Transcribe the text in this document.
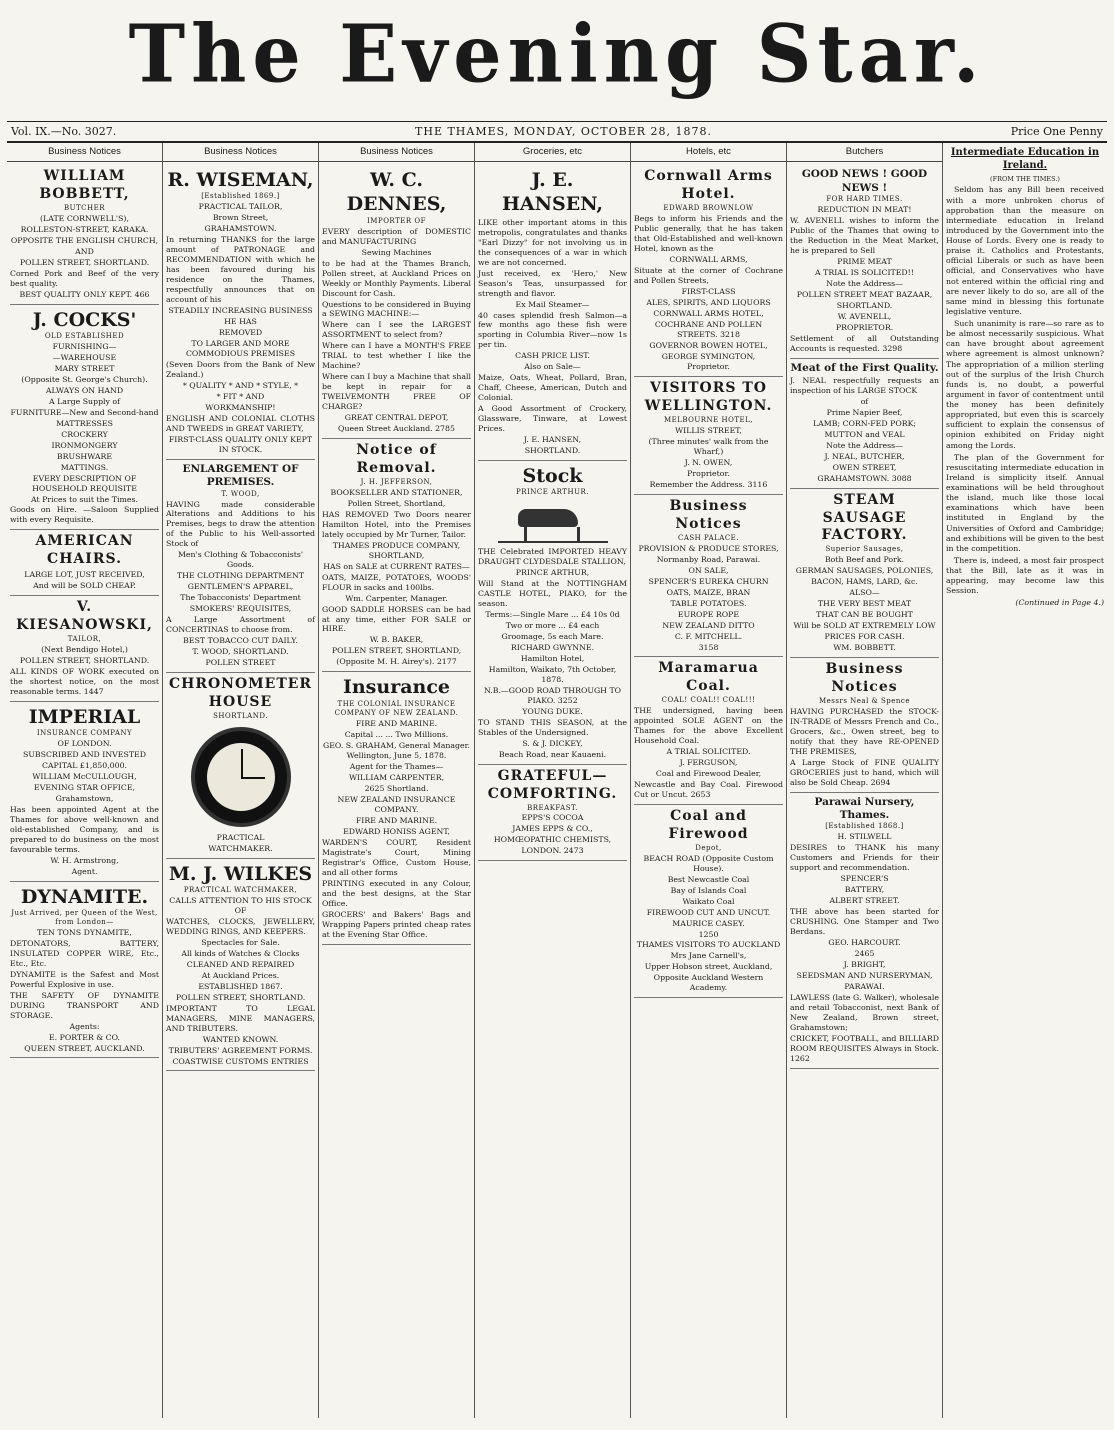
The Evening Star.
Vol. IX.—No. 3027.	THE THAMES, MONDAY, OCTOBER 28, 1878.	Price One Penny
Business Notices
WILLIAM BOBBETT,
BUTCHER

(LATE CORNWELL'S),

ROLLESTON-STREET, KARAKA.

OPPOSITE THE ENGLISH CHURCH,

AND

POLLEN STREET, SHORTLAND.

Corned Pork and Beef of the very best quality.

BEST QUALITY ONLY KEPT. 466

J. COCKS'
OLD ESTABLISHED

FURNISHING—

—WAREHOUSE

MARY STREET

(Opposite St. George's Church).

ALWAYS ON HAND

A Large Supply of

FURNITURE—New and Second-hand

MATTRESSES

CROCKERY

IRONMONGERY

BRUSHWARE

MATTINGS.

EVERY DESCRIPTION OF HOUSEHOLD REQUISITE

At Prices to suit the Times.

Goods on Hire. —Saloon Supplied with every Requisite.

AMERICAN CHAIRS.

LARGE LOT, JUST RECEIVED,

And will be SOLD CHEAP.

V. KIESANOWSKI,
TAILOR,

(Next Bendigo Hotel,)

POLLEN STREET, SHORTLAND.

ALL KINDS OF WORK executed on the shortest notice, on the most reasonable terms. 1447

IMPERIAL
INSURANCE COMPANY

OF LONDON.

SUBSCRIBED AND INVESTED

CAPITAL £1,850,000.

WILLIAM McCULLOUGH,

EVENING STAR OFFICE,

Grahamstown,

Has been appointed Agent at the Thames for above well-known and old-established Company, and is prepared to do business on the most favourable terms.

W. H. Armstrong,

Agent.

DYNAMITE.
Just Arrived, per Queen of the West, from London—

TEN TONS DYNAMITE,

DETONATORS, BATTERY, INSULATED COPPER WIRE, Etc., Etc., Etc.

DYNAMITE is the Safest and Most Powerful Explosive in use.

THE SAFETY OF DYNAMITE DURING TRANSPORT AND STORAGE.

Agents:

E. PORTER & CO.

QUEEN STREET, AUCKLAND.

Business Notices
R. WISEMAN,
[Established 1869.]

PRACTICAL TAILOR,

Brown Street,

GRAHAMSTOWN.

In returning THANKS for the large amount of PATRONAGE and RECOMMENDATION with which he has been favoured during his residence on the Thames, respectfully announces that on account of his

STEADILY INCREASING BUSINESS

HE HAS

REMOVED

TO LARGER AND MORE COMMODIOUS PREMISES

(Seven Doors from the Bank of New Zealand.)

* QUALITY * AND * STYLE, *

* FIT * AND

WORKMANSHIP!

ENGLISH AND COLONIAL CLOTHS AND TWEEDS in GREAT VARIETY,

FIRST-CLASS QUALITY ONLY KEPT IN STOCK.

ENLARGEMENT OF PREMISES.
T. WOOD,

HAVING made considerable Alterations and Additions to his Premises, begs to draw the attention of the Public to his Well-assorted Stock of

Men's Clothing & Tobacconists' Goods.

THE CLOTHING DEPARTMENT

GENTLEMEN'S APPAREL,

The Tobacconists' Department

SMOKERS' REQUISITES,

A Large Assortment of CONCERTINAS to choose from.

BEST TOBACCO CUT DAILY.

T. WOOD, SHORTLAND.

POLLEN STREET

CHRONOMETER HOUSE
SHORTLAND.

PRACTICAL

WATCHMAKER.

M. J. WILKES
PRACTICAL WATCHMAKER,

CALLS ATTENTION TO HIS STOCK OF

WATCHES, CLOCKS, JEWELLERY, WEDDING RINGS, AND KEEPERS.

Spectacles for Sale.

All kinds of Watches & Clocks

CLEANED AND REPAIRED

At Auckland Prices.

ESTABLISHED 1867.

POLLEN STREET, SHORTLAND.

IMPORTANT TO LEGAL MANAGERS, MINE MANAGERS, AND TRIBUTERS.

WANTED KNOWN.

TRIBUTERS' AGREEMENT FORMS.

COASTWISE CUSTOMS ENTRIES

Business Notices
W. C. DENNES,
IMPORTER OF

EVERY description of DOMESTIC and MANUFACTURING

Sewing Machines

to be had at the Thames Branch, Pollen street, at Auckland Prices on Weekly or Monthly Payments. Liberal Discount for Cash.

Questions to be considered in Buying a SEWING MACHINE:—

Where can I see the LARGEST ASSORTMENT to select from?

Where can I have a MONTH'S FREE TRIAL to test whether I like the Machine?

Where can I buy a Machine that shall be kept in repair for a TWELVEMONTH FREE OF CHARGE?

GREAT CENTRAL DEPOT,

Queen Street Auckland. 2785

Notice of Removal.
J. H. JEFFERSON,

BOOKSELLER AND STATIONER,

Pollen Street, Shortland,

HAS REMOVED Two Doors nearer Hamilton Hotel, into the Premises lately occupied by Mr Turner, Tailor.

THAMES PRODUCE COMPANY, SHORTLAND,

HAS on SALE at CURRENT RATES—

OATS, MAIZE, POTATOES, WOODS' FLOUR in sacks and 100lbs.

Wm. Carpenter, Manager.

GOOD SADDLE HORSES can be had at any time, either FOR SALE or HIRE.

W. B. BAKER,

POLLEN STREET, SHORTLAND,

(Opposite M. H. Airey's). 2177

Insurance
THE COLONIAL INSURANCE COMPANY OF NEW ZEALAND.

FIRE AND MARINE.

Capital ... ... Two Millions.

GEO. S. GRAHAM, General Manager.

Wellington, June 5, 1878.

Agent for the Thames—

WILLIAM CARPENTER,

2625 Shortland.

NEW ZEALAND INSURANCE COMPANY.

FIRE AND MARINE.

EDWARD HONISS AGENT,

WARDEN'S COURT, Resident Magistrate's Court, Mining Registrar's Office, Custom House, and all other forms

PRINTING executed in any Colour, and the best designs, at the Star Office.

GROCERS' and Bakers' Bags and Wrapping Papers printed cheap rates at the Evening Star Office.

Groceries, etc
J. E. HANSEN,

LIKE other important atoms in this metropolis, congratulates and thanks "Earl Dizzy" for not involving us in the consequences of a war in which we are not concerned.

Just received, ex 'Hero,' New Season's Teas, unsurpassed for strength and flavor.

Ex Mail Steamer—

40 cases splendid fresh Salmon—a few months ago these fish were sporting in Columbia River—now 1s per tin.

CASH PRICE LIST.

Also on Sale—

Maize, Oats, Wheat, Pollard, Bran, Chaff, Cheese, American, Dutch and Colonial.

A Good Assortment of Crockery, Glassware, Tinware, at Lowest Prices.

J. E. HANSEN,

SHORTLAND.

Stock
PRINCE ARTHUR.

THE Celebrated IMPORTED HEAVY DRAUGHT CLYDESDALE STALLION,

PRINCE ARTHUR,

Will Stand at the NOTTINGHAM CASTLE HOTEL, PIAKO, for the season.

Terms:—Single Mare ... £4 10s 0d

Two or more ... £4 each

Groomage, 5s each Mare.

RICHARD GWYNNE.

Hamilton Hotel,

Hamilton, Waikato, 7th October, 1878.

N.B.—GOOD ROAD THROUGH TO PIAKO. 3252

YOUNG DUKE.

TO STAND THIS SEASON, at the Stables of the Undersigned.

S. & J. DICKEY,

Beach Road, near Kauaeni.

GRATEFUL—COMFORTING.
BREAKFAST.

EPPS'S COCOA

JAMES EPPS & CO.,

HOMŒOPATHIC CHEMISTS,

LONDON. 2473

Hotels, etc
Cornwall Arms Hotel.
EDWARD BROWNLOW

Begs to inform his Friends and the Public generally, that he has taken that Old-Established and well-known Hotel, known as the

CORNWALL ARMS,

Situate at the corner of Cochrane and Pollen Streets,

FIRST-CLASS

ALES, SPIRITS, AND LIQUORS

CORNWALL ARMS HOTEL,

COCHRANE AND POLLEN STREETS. 3218

GOVERNOR BOWEN HOTEL,

GEORGE SYMINGTON,

Proprietor.

VISITORS TO WELLINGTON.
MELBOURNE HOTEL,

WILLIS STREET,

(Three minutes' walk from the Wharf,)

J. N. OWEN,

Proprietor.

Remember the Address. 3116

Business Notices
CASH PALACE.

PROVISION & PRODUCE STORES,

Normanby Road, Parawai.

ON SALE,

SPENCER'S EUREKA CHURN

OATS, MAIZE, BRAN

TABLE POTATOES.

EUROPE ROPE

NEW ZEALAND DITTO

C. F. MITCHELL.

3158

Maramarua Coal.
COAL! COAL!! COAL!!!

THE undersigned, having been appointed SOLE AGENT on the Thames for the above Excellent Household Coal.

A TRIAL SOLICITED.

J. FERGUSON,

Coal and Firewood Dealer,

Newcastle and Bay Coal. Firewood Cut or Uncut. 2653

Coal and Firewood
Depot,

BEACH ROAD (Opposite Custom House).

Best Newcastle Coal

Bay of Islands Coal

Waikato Coal

FIREWOOD CUT AND UNCUT.

MAURICE CASEY.

1250

THAMES VISITORS TO AUCKLAND

Mrs Jane Carnell's,

Upper Hobson street, Auckland,

Opposite Auckland Western Academy.

Butchers
GOOD NEWS ! GOOD NEWS !
FOR HARD TIMES.

REDUCTION IN MEAT!

W. AVENELL wishes to inform the Public of the Thames that owing to the Reduction in the Meat Market, he is prepared to Sell

PRIME MEAT

A TRIAL IS SOLICITED!!

Note the Address—

POLLEN STREET MEAT BAZAAR,

SHORTLAND.

W. AVENELL,

PROPRIETOR.

Settlement of all Outstanding Accounts is requested. 3298

Meat of the First Quality.

J. NEAL respectfully requests an inspection of his LARGE STOCK

of

Prime Napier Beef,

LAMB; CORN-FED PORK;

MUTTON and VEAL

Note the Address—

J. NEAL, BUTCHER,

OWEN STREET,

GRAHAMSTOWN. 3088

STEAM SAUSAGE FACTORY.
Superior Sausages,

Both Beef and Pork.

GERMAN SAUSAGES, POLONIES,

BACON, HAMS, LARD, &c.

ALSO—

THE VERY BEST MEAT

THAT CAN BE BOUGHT

Will be SOLD AT EXTREMELY LOW

PRICES FOR CASH.

WM. BOBBETT.

Business Notices
Messrs Neal & Spence

HAVING PURCHASED the STOCK-IN-TRADE of Messrs French and Co., Grocers, &c., Owen street, beg to notify that they have RE-OPENED THE PREMISES,

A Large Stock of FINE QUALITY GROCERIES just to hand, which will also be Sold Cheap. 2694

Parawai Nursery, Thames.
[Established 1868.]

H. STILWELL

DESIRES to THANK his many Customers and Friends for their support and recommendation.

SPENCER'S

BATTERY,

ALBERT STREET.

THE above has been started for CRUSHING. One Stamper and Two Berdans.

GEO. HARCOURT.

2465

J. BRIGHT,

SEEDSMAN AND NURSERYMAN,

PARAWAI.

LAWLESS (late G. Walker), wholesale and retail Tobacconist, next Bank of New Zealand, Brown street, Grahamstown;

CRICKET, FOOTBALL, and BILLIARD ROOM REQUISITES Always in Stock. 1262

Intermediate Education in Ireland.
(FROM THE TIMES.)

Seldom has any Bill been received with a more unbroken chorus of approbation than the measure on intermediate education in Ireland introduced by the Government into the House of Lords. Every one is ready to praise it. Catholics and Protestants, official Liberals or such as have been official, and Conservatives who have not entered within the official ring and are never likely to do so, are all of the same mind in blessing this fortunate legislative venture.

Such unanimity is rare—so rare as to be almost necessarily suspicious. What can have brought about agreement where agreement is almost unknown? The appropriation of a million sterling out of the surplus of the Irish Church funds is, no doubt, a powerful argument in favor of contentment until the money has been definitely appropriated, but even this is scarcely sufficient to explain the consensus of opinion exhibited on Friday night among the Lords.

The plan of the Government for resuscitating intermediate education in Ireland is simplicity itself. Annual examinations will be held throughout the island, much like those local examinations which have been instituted in England by the Universities of Oxford and Cambridge; and exhibitions will be given to the best in the competition.

There is, indeed, a most fair prospect that the Bill, late as it was in appearing, may become law this Session.

(Continued in Page 4.)
